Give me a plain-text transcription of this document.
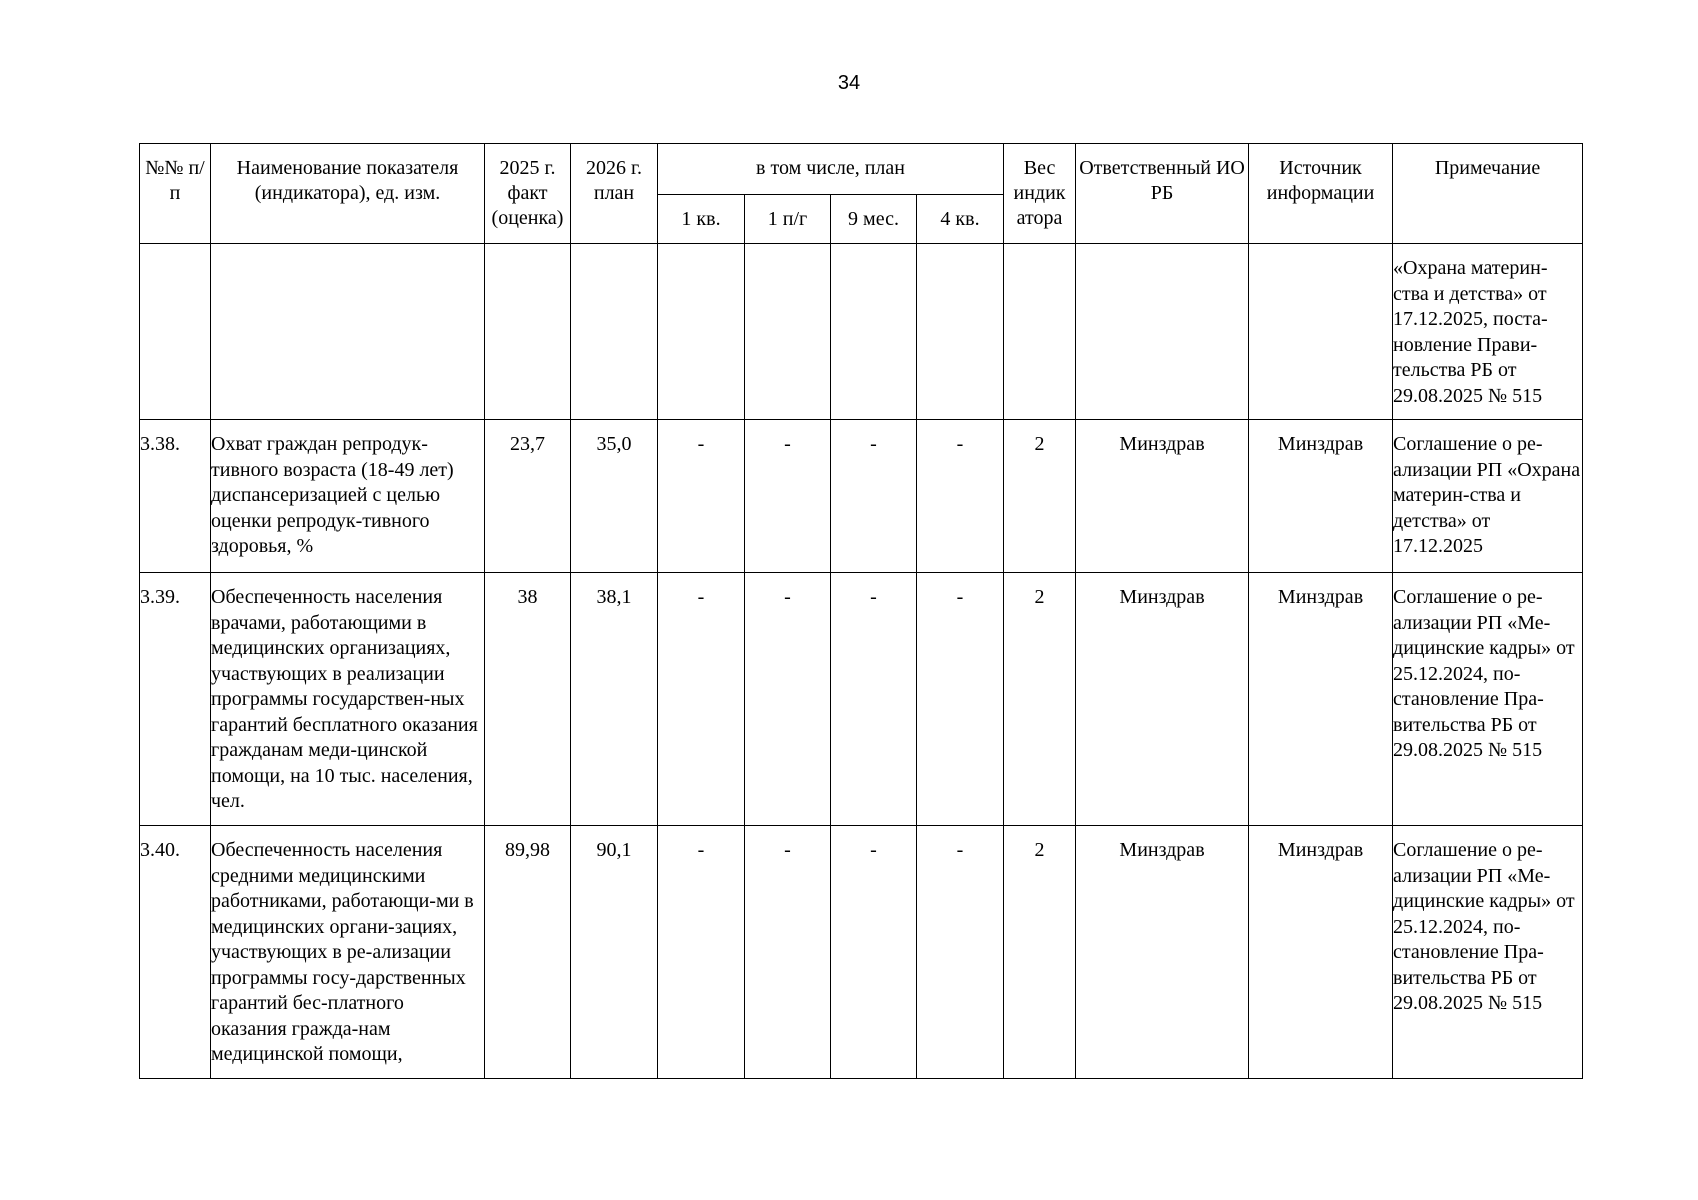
34
№№ п/п	Наименование показателя (индикатора), ед. изм.	2025 г. факт (оценка)	2026 г. план	в том числе, план				Вес индик атора	Ответственный ИО РБ	Источник информации	Примечание
				1 кв.	1 п/г	9 мес.	4 кв.				
											«Охрана материн-ства и детства» от 17.12.2025, поста-новление Прави-тельства РБ от 29.08.2025 № 515
3.38.	Охват граждан репродук-тивного возраста (18-49 лет) диспансеризацией с целью оценки репродук-тивного здоровья, %	23,7	35,0	-	-	-	-	2	Минздрав	Минздрав	Соглашение о ре-ализации РП «Охрана материн-ства и детства» от 17.12.2025
3.39.	Обеспеченность населения врачами, работающими в медицинских организациях, участвующих в реализации программы государствен-ных гарантий бесплатного оказания гражданам меди-цинской помощи, на 10 тыс. населения, чел.	38	38,1	-	-	-	-	2	Минздрав	Минздрав	Соглашение о ре-ализации РП «Ме-дицинские кадры» от 25.12.2024, по-становление Пра-вительства РБ от 29.08.2025 № 515
3.40.	Обеспеченность населения средними медицинскими работниками, работающи-ми в медицинских органи-зациях, участвующих в ре-ализации программы госу-дарственных гарантий бес-платного оказания гражда-нам медицинской помощи,	89,98	90,1	-	-	-	-	2	Минздрав	Минздрав	Соглашение о ре-ализации РП «Ме-дицинские кадры» от 25.12.2024, по-становление Пра-вительства РБ от 29.08.2025 № 515
